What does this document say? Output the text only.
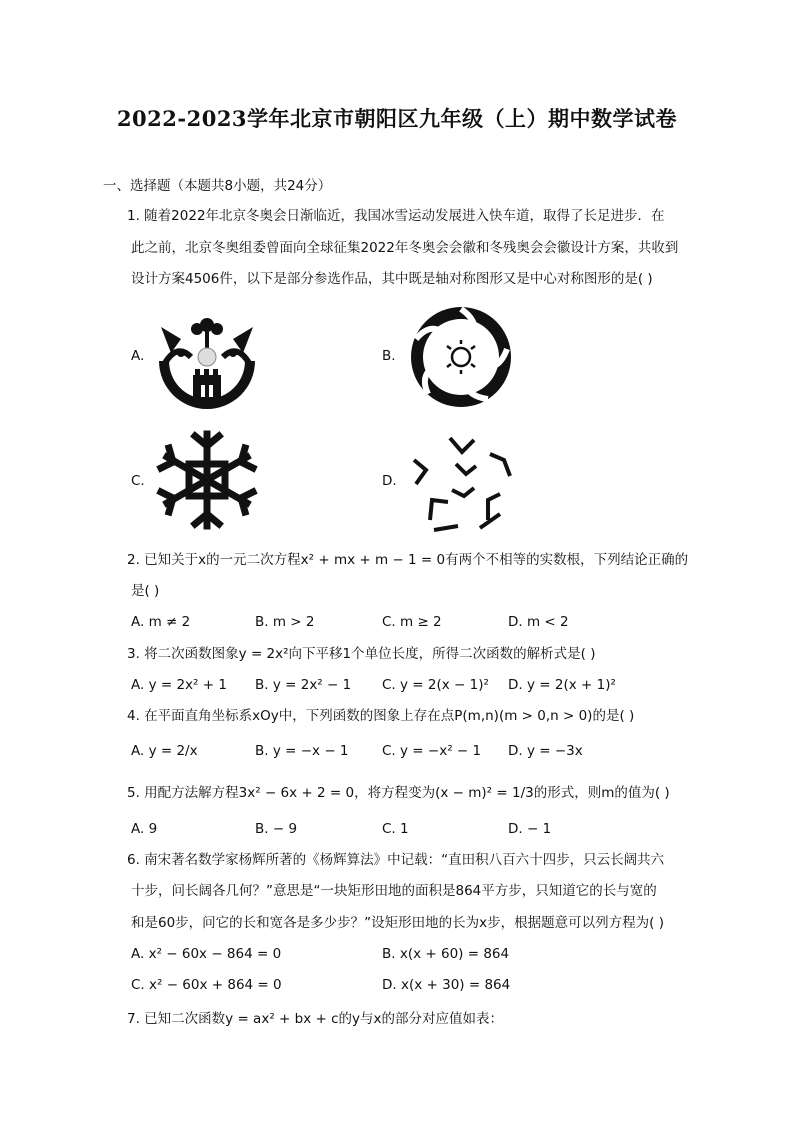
2022-2023学年北京市朝阳区九年级（上）期中数学试卷
一、选择题（本题共8小题，共24分）
1. 随着2022年北京冬奥会日渐临近，我国冰雪运动发展进入快车道，取得了长足进步．在
此之前，北京冬奥组委曾面向全球征集2022年冬奥会会徽和冬残奥会会徽设计方案，共收到
设计方案4506件，以下是部分参选作品，其中既是轴对称图形又是中心对称图形的是( )
A.	B.
C.	D.
2. 已知关于x的一元二次方程x² + mx + m − 1 = 0有两个不相等的实数根，下列结论正确的
是( )
A. m ≠ 2	B. m > 2	C. m ≥ 2	D. m < 2
3. 将二次函数图象y = 2x²向下平移1个单位长度，所得二次函数的解析式是( )
A. y = 2x² + 1 B. y = 2x² − 1 C. y = 2(x − 1)² D. y = 2(x + 1)²
4. 在平面直角坐标系xOy中，下列函数的图象上存在点P(m,n)(m > 0,n > 0)的是( )
A. y = 2/x	B. y = −x − 1 C. y = −x² − 1 D. y = −3x
5. 用配方法解方程3x² − 6x + 2 = 0，将方程变为(x − m)² = 1/3的形式，则m的值为( )
A. 9	B. − 9	C. 1	D. − 1
6. 南宋著名数学家杨辉所著的《杨辉算法》中记载：“直田积八百六十四步，只云长阔共六
十步，问长阔各几何？”意思是“一块矩形田地的面积是864平方步，只知道它的长与宽的
和是60步，问它的长和宽各是多少步？”设矩形田地的长为x步，根据题意可以列方程为( )
A. x² − 60x − 864 = 0	B. x(x + 60) = 864
C. x² − 60x + 864 = 0	D. x(x + 30) = 864
7. 已知二次函数y = ax² + bx + c的y与x的部分对应值如表：
